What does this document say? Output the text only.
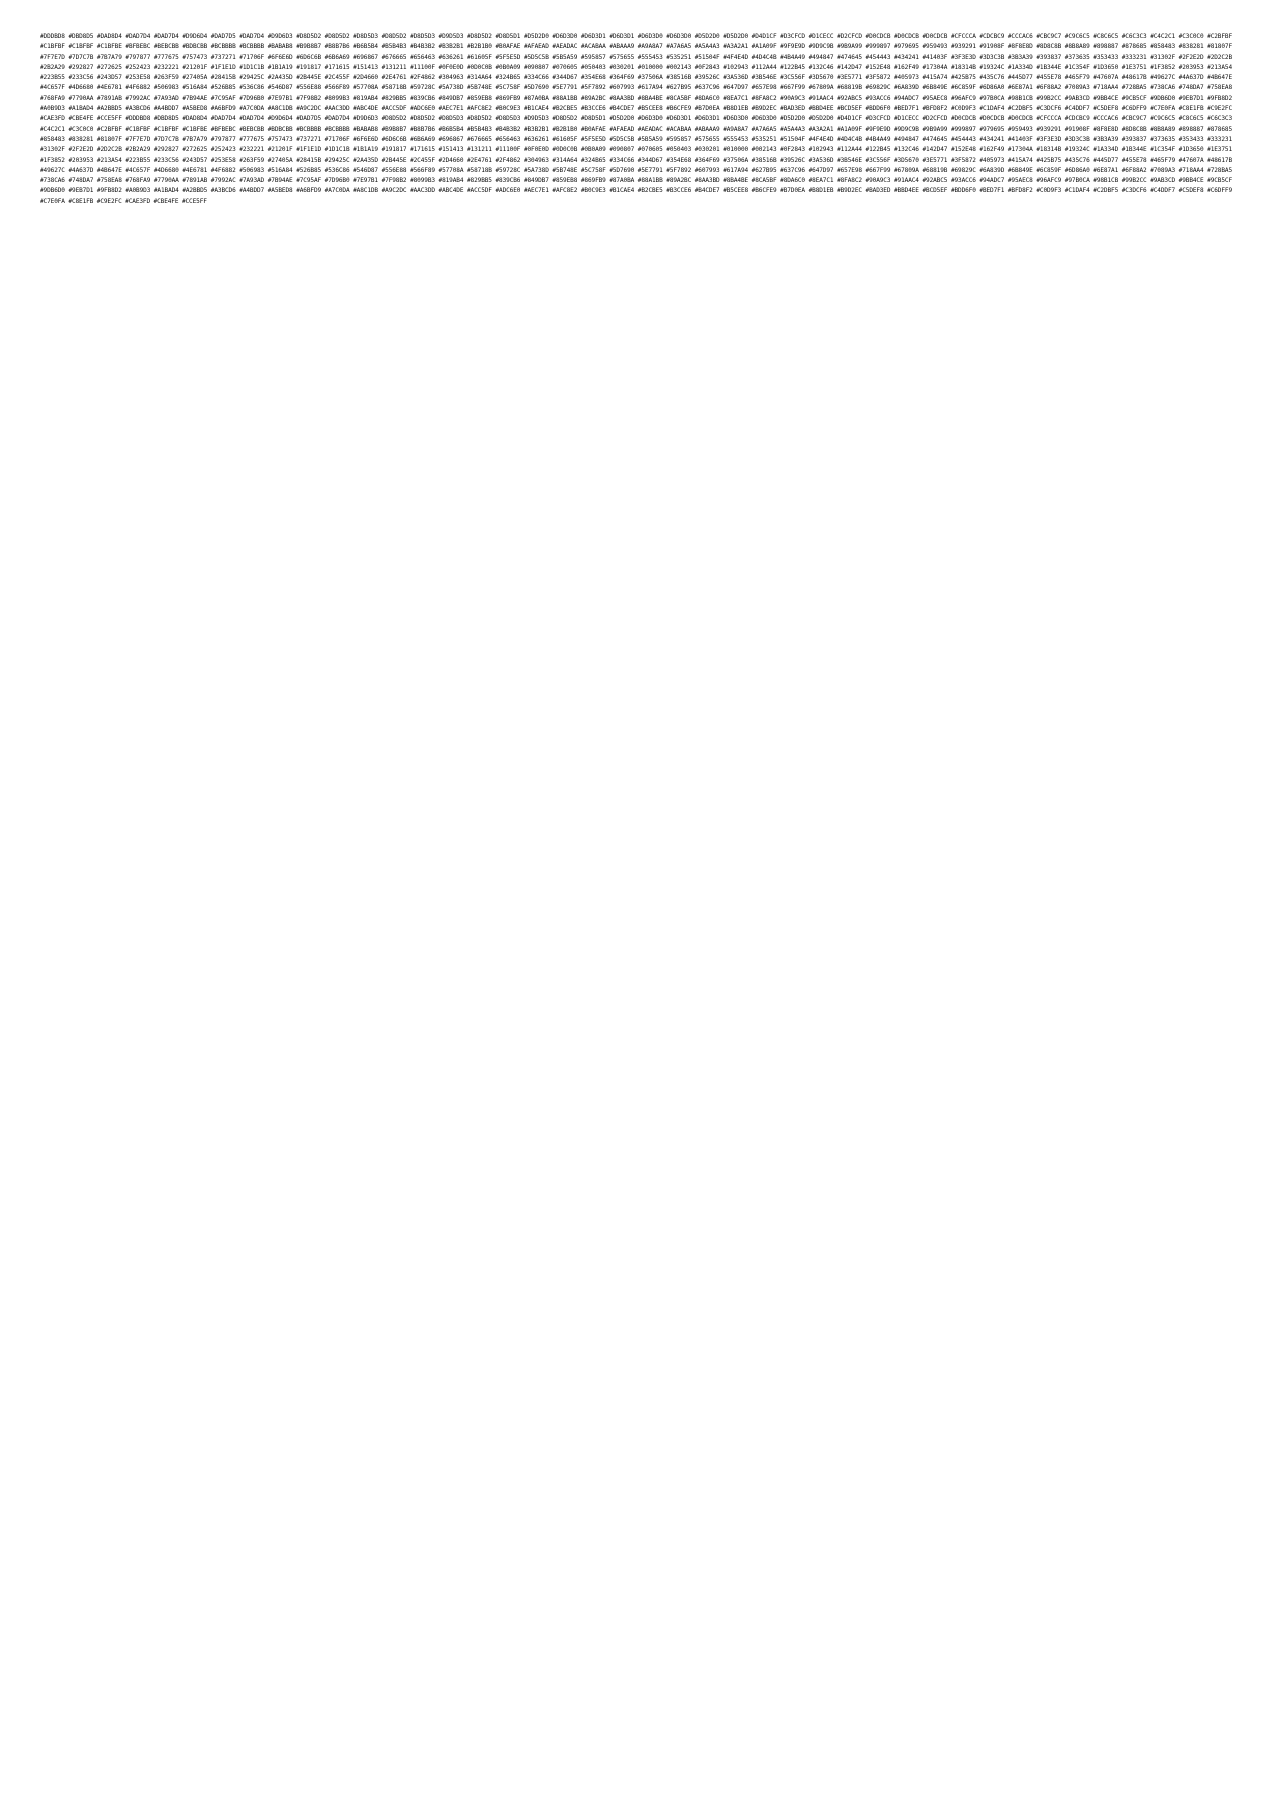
#DDDBD8 #DBD8D5 #DAD8D4 #DAD7D4 #DAD7D4 #D9D6D4 #DAD7D5 #DAD7D4 #D9D6D3 #D8D5D2 #D8D5D2 #D8D5D3 #D8D5D2 #D8D5D3 #D9D5D3 #D8D5D2 #D8D5D1 #D5D2D0 #D6D3D0 #D6D3D1 #D6D3D1 #D6D3D0 #D6D3D0 #D5D2D0 #D5D2D0 #D4D1CF #D3CFCD #D1CECC #D2CFCD #D0CDCB #D0CDCB #D0CDCB #CFCCCA #CDCBC9 #CCCAC6 #CBC9C7 #C9C6C5 #C8C6C5 #C6C3C3 #C4C2C1 #C3C0C0 #C2BFBF #C1BFBF #C1BFBF #C1BFBE #BFBEBC #BEBCBB #BDBCBB #BCBBBB #BCBBBB #BABAB8 #B9B8B7 #B8B7B6 #B6B5B4 #B5B4B3 #B4B3B2 #B3B2B1 #B2B1B0 #B0AFAE #AFAEAD #AEADAC #ACABAA #ABAAA9 #A9A8A7 #A7A6A5 #A5A4A3 #A3A2A1 #A1A09F #9F9E9D #9D9C9B #9B9A99 #999897 #979695 #959493 #939291 #91908F #8F8E8D #8D8C8B #8B8A89 #898887 #878685 #858483 #838281 #81807F #7F7E7D #7D7C7B #7B7A79 #797877 #777675 #757473 #737271 #71706F #6F6E6D #6D6C6B #6B6A69 #696867 #676665 #656463 #636261 #61605F #5F5E5D #5D5C5B #5B5A59 #595857 #575655 #555453 #535251 #51504F #4F4E4D #4D4C4B #4B4A49 #494847 #474645 #454443 #434241 #41403F #3F3E3D #3D3C3B #3B3A39 #393837 #373635 #353433 #333231 #31302F #2F2E2D #2D2C2B #2B2A29 #292827 #272625 #252423 #232221 #21201F #1F1E1D #1D1C1B #1B1A19 #191817 #171615 #151413 #131211 #11100F #0F0E0D #0D0C0B #0B0A09 #090807 #070605 #050403 #030201 #010000 #002143 #0F2843 #102943 #112A44 #122B45 #132C46 #142D47 #152E48 #162F49 #17304A #18314B #19324C #1A334D #1B344E #1C354F #1D3650 #1E3751 #1F3852 #203953 #213A54 #223B55 #233C56 #243D57 #253E58 #263F59 #27405A #28415B #29425C #2A435D #2B445E #2C455F #2D4660 #2E4761 #2F4862 #304963 #314A64 #324B65 #334C66 #344D67 #354E68 #364F69 #37506A #38516B #39526C #3A536D #3B546E #3C556F #3D5670 #3E5771 #3F5872 #405973 #415A74 #425B75 #435C76 #445D77 #455E78 #465F79 #47607A #48617B #49627C #4A637D #4B647E #4C657F #4D6680 #4E6781 #4F6882 #506983 #516A84 #526B85 #536C86 #546D87 #556E88 #566F89 #57708A #58718B #59728C #5A738D #5B748E #5C758F #5D7690 #5E7791 #5F7892 #607993 #617A94 #627B95 #637C96 #647D97 #657E98 #667F99 #67809A #68819B #69829C #6A839D #6B849E #6C859F #6D86A0 #6E87A1 #6F88A2 #7089A3 #718AA4 #728BA5 #738CA6 #748DA7 #758EA8 #768FA9 #7790AA #7891AB #7992AC #7A93AD #7B94AE #7C95AF #7D96B0 #7E97B1 #7F98B2 #8099B3 #819AB4 #829BB5 #839CB6 #849DB7 #859EB8 #869FB9 #87A0BA #88A1BB #89A2BC #8AA3BD #8BA4BE #8CA5BF #8DA6C0 #8EA7C1 #8FA8C2 #90A9C3 #91AAC4 #92ABC5 #93ACC6 #94ADC7 #95AEC8 #96AFC9 #97B0CA #98B1CB #99B2CC #9AB3CD #9BB4CE #9CB5CF #9DB6D0 #9EB7D1 #9FB8D2 #A0B9D3 #A1BAD4 #A2BBD5 #A3BCD6 #A4BDD7 #A5BED8 #A6BFD9 #A7C0DA #A8C1DB #A9C2DC #AAC3DD #ABC4DE #ACC5DF #ADC6E0 #AEC7E1 #AFC8E2 #B0C9E3 #B1CAE4 #B2CBE5 #B3CCE6 #B4CDE7 #B5CEE8 #B6CFE9 #B7D0EA #B8D1EB #B9D2EC #BAD3ED #BBD4EE #BCD5EF #BDD6F0 #BED7F1 #BFD8F2 #C0D9F3 #C1DAF4 #C2DBF5 #C3DCF6 #C4DDF7 #C5DEF8 #C6DFF9 #C7E0FA #C8E1FB #C9E2FC #CAE3FD #CBE4FE #CCE5FF #DDDBD8 #DBD8D5 #DAD8D4 #DAD7D4 #DAD7D4 #D9D6D4 #DAD7D5 #DAD7D4 #D9D6D3 #D8D5D2 #D8D5D2 #D8D5D3 #D8D5D2 #D8D5D3 #D9D5D3 #D8D5D2 #D8D5D1 #D5D2D0 #D6D3D0 #D6D3D1 #D6D3D1 #D6D3D0 #D6D3D0 #D5D2D0 #D5D2D0 #D4D1CF #D3CFCD #D1CECC #D2CFCD #D0CDCB #D0CDCB #D0CDCB #CFCCCA #CDCBC9 #CCCAC6 #CBC9C7 #C9C6C5 #C8C6C5 #C6C3C3 #C4C2C1 #C3C0C0 #C2BFBF #C1BFBF #C1BFBF #C1BFBE #BFBEBC #BEBCBB #BDBCBB #BCBBBB #BCBBBB #BABAB8 #B9B8B7 #B8B7B6 #B6B5B4 #B5B4B3 #B4B3B2 #B3B2B1 #B2B1B0 #B0AFAE #AFAEAD #AEADAC #ACABAA #ABAAA9 #A9A8A7 #A7A6A5 #A5A4A3 #A3A2A1 #A1A09F #9F9E9D #9D9C9B #9B9A99 #999897 #979695 #959493 #939291 #91908F #8F8E8D #8D8C8B #8B8A89 #898887 #878685 #858483 #838281 #81807F #7F7E7D #7D7C7B #7B7A79 #797877 #777675 #757473 #737271 #71706F #6F6E6D #6D6C6B #6B6A69 #696867 #676665 #656463 #636261 #61605F #5F5E5D #5D5C5B #5B5A59 #595857 #575655 #555453 #535251 #51504F #4F4E4D #4D4C4B #4B4A49 #494847 #474645 #454443 #434241 #41403F #3F3E3D #3D3C3B #3B3A39 #393837 #373635 #353433 #333231 #31302F #2F2E2D #2D2C2B #2B2A29 #292827 #272625 #252423 #232221 #21201F #1F1E1D #1D1C1B #1B1A19 #191817 #171615 #151413 #131211 #11100F #0F0E0D #0D0C0B #0B0A09 #090807 #070605 #050403 #030201 #010000 #002143 #0F2843 #102943 #112A44 #122B45 #132C46 #142D47 #152E48 #162F49 #17304A #18314B #19324C #1A334D #1B344E #1C354F #1D3650 #1E3751 #1F3852 #203953 #213A54 #223B55 #233C56 #243D57 #253E58 #263F59 #27405A #28415B #29425C #2A435D #2B445E #2C455F #2D4660 #2E4761 #2F4862 #304963 #314A64 #324B65 #334C66 #344D67 #354E68 #364F69 #37506A #38516B #39526C #3A536D #3B546E #3C556F #3D5670 #3E5771 #3F5872 #405973 #415A74 #425B75 #435C76 #445D77 #455E78 #465F79 #47607A #48617B #49627C #4A637D #4B647E #4C657F #4D6680 #4E6781 #4F6882 #506983 #516A84 #526B85 #536C86 #546D87 #556E88 #566F89 #57708A #58718B #59728C #5A738D #5B748E #5C758F #5D7690 #5E7791 #5F7892 #607993 #617A94 #627B95 #637C96 #647D97 #657E98 #667F99 #67809A #68819B #69829C #6A839D #6B849E #6C859F #6D86A0 #6E87A1 #6F88A2 #7089A3 #718AA4 #728BA5 #738CA6 #748DA7 #758EA8 #768FA9 #7790AA #7891AB #7992AC #7A93AD #7B94AE #7C95AF #7D96B0 #7E97B1 #7F98B2 #8099B3 #819AB4 #829BB5 #839CB6 #849DB7 #859EB8 #869FB9 #87A0BA #88A1BB #89A2BC #8AA3BD #8BA4BE #8CA5BF #8DA6C0 #8EA7C1 #8FA8C2 #90A9C3 #91AAC4 #92ABC5 #93ACC6 #94ADC7 #95AEC8 #96AFC9 #97B0CA #98B1CB #99B2CC #9AB3CD #9BB4CE #9CB5CF #9DB6D0 #9EB7D1 #9FB8D2 #A0B9D3 #A1BAD4 #A2BBD5 #A3BCD6 #A4BDD7 #A5BED8 #A6BFD9 #A7C0DA #A8C1DB #A9C2DC #AAC3DD #ABC4DE #ACC5DF #ADC6E0 #AEC7E1 #AFC8E2 #B0C9E3 #B1CAE4 #B2CBE5 #B3CCE6 #B4CDE7 #B5CEE8 #B6CFE9 #B7D0EA #B8D1EB #B9D2EC #BAD3ED #BBD4EE #BCD5EF #BDD6F0 #BED7F1 #BFD8F2 #C0D9F3 #C1DAF4 #C2DBF5 #C3DCF6 #C4DDF7 #C5DEF8 #C6DFF9 #C7E0FA #C8E1FB #C9E2FC #CAE3FD #CBE4FE #CCE5FF
